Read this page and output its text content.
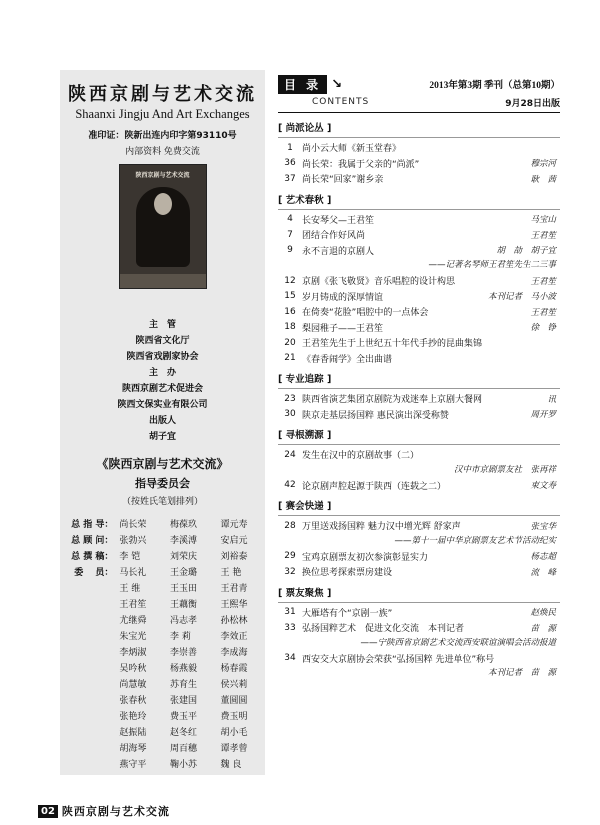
陕西京剧与艺术交流
Shaanxi Jingju And Art Exchanges
准印证：陕新出连内印字第93110号
内部资料 免费交流
陕西京剧与艺术交流
主　管
陕西省文化厅
陕西省戏剧家协会
主　办
陕西京剧艺术促进会
陕西文保实业有限公司
出版人
胡子宜
《陕西京剧与艺术交流》
指导委员会
（按姓氏笔划排列）
总 指 导： 尚长荣	梅葆玖	谭元寿
总 顾 问： 张勃兴	李溪溥	安启元
总 撰 稿： 李 铠	刘荣庆	刘裕泰
委　 员： 马长礼	王金璐	王 艳
王 维	王玉田	王君青
王君笙	王藕衡	王熙华
尤继舜	冯志孝	孙松林
朱宝光	李 莉	李效正
李炳淑	李崇善	李成海
吴吟秋	杨燕毅	杨春霞
尚慧敏	苏育生	侯兴莉
张春秋	张建国	董圆圆
张艳玲	费玉平	费玉明
赵振陆	赵冬红	胡小毛
胡海琴	周百穗	谭孝曾
燕守平	鞠小苏	魏 良
02 陕西京剧与艺术交流
目 录 ↘	2013年第3期 季刊（总第10期）
CONTENTS	9月28日出版
[ 尚派论丛 ]
1	尚小云大师《新玉堂春》
36 尚长荣：我属于父亲的“尚派”	穆宗河
37 尚长荣“回家”谢乡亲	耿　茜
[ 艺术春秋 ]
4	长安琴父—王君笙	马宝山
7	团结合作好风尚	王君笙
9	永不言退的京剧人	胡　劼　胡子宜
——记著名琴师王君笙先生二三事
12 京剧《张飞敬贤》音乐唱腔的设计构思	王君笙
15 岁月铸成的深厚情谊	本刊记者　马小波
16 在倚奏“花脸”唱腔中的一点体会	王君笙
18 梨园稚子——王君笙	徐　铮
20 王君笙先生于上世纪五十年代手抄的昆曲集锦
21 《春香闹学》全出曲谱
[ 专业追踪 ]
23 陕西省演艺集团京剧院为戏迷奉上京剧大餐网	讯
30 陕京走基层扬国粹 惠民演出深受称赞	周开罗
[ 寻根溯源 ]
24 发生在汉中的京剧故事（二）
汉中市京剧票友社　张再祥
42 论京剧声腔起源于陕西（连载之二）	束文寿
[ 赛会快递 ]
28 万里送戏扬国粹 魅力汉中增光辉 舒家声	张宝华
——第十一届中华京剧票友艺术节活动纪实
29 宝鸡京剧票友初次参演彰显实力	杨志超
32 换位思考探索票房建设	流　峰
[ 票友聚焦 ]
31 大雁塔有个“京剧一族”	赵焕民
33 弘扬国粹艺术　促进文化交流　本刊记者	苗　源
——宁陕西省京剧艺术交流西安联谊演唱会活动报道
34 西安交大京剧协会荣获“弘扬国粹 先进单位”称号
本刊记者　苗　源
